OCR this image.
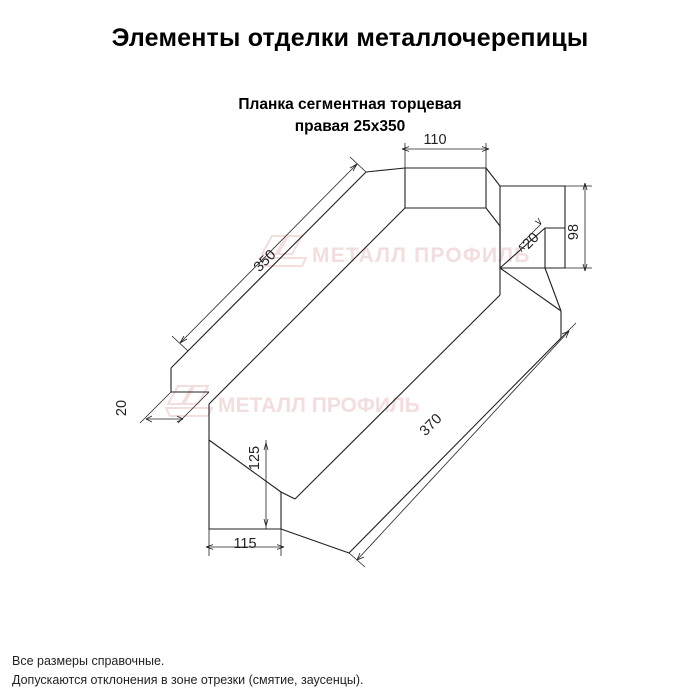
Элементы отделки металлочерепицы
Планка сегментная торцевая
правая 25х350
МЕТАЛЛ ПРОФИЛЬ
МЕТАЛЛ ПРОФИЛЬ
110
98
20
350
20
125
115
370
Все размеры справочные.
Допускаются отклонения в зоне отрезки (смятие, заусенцы).
